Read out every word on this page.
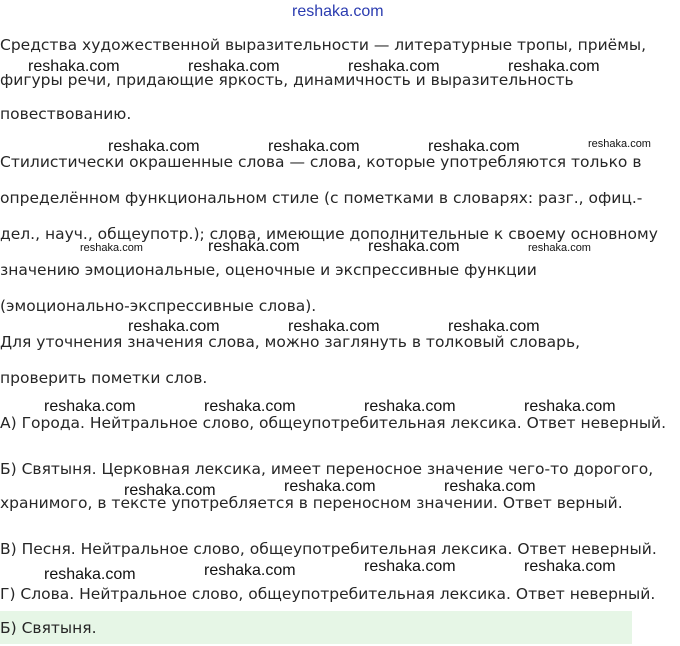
reshaka.com
Средства художественной выразительности — литературные тропы, приёмы,
фигуры речи, придающие яркость, динамичность и выразительность
повествованию.
Стилистически окрашенные слова — слова, которые употребляются только в
определённом функциональном стиле (с пометками в словарях: разг., офиц.-
дел., науч., общеупотр.); слова, имеющие дополнительные к своему основному
значению эмоциональные, оценочные и экспрессивные функции
(эмоционально-экспрессивные слова).
Для уточнения значения слова, можно заглянуть в толковый словарь,
проверить пометки слов.
А) Города. Нейтральное слово, общеупотребительная лексика. Ответ неверный.
Б) Святыня. Церковная лексика, имеет переносное значение чего-то дорогого,
хранимого, в тексте употребляется в переносном значении. Ответ верный.
В) Песня. Нейтральное слово, общеупотребительная лексика. Ответ неверный.
Г) Слова. Нейтральное слово, общеупотребительная лексика. Ответ неверный.
Б) Святыня.
reshaka.com	reshaka.com	reshaka.com	reshaka.com
reshaka.com	reshaka.com	reshaka.com	reshaka.com
reshaka.com	reshaka.com	reshaka.com	reshaka.com
reshaka.com	reshaka.com	reshaka.com
reshaka.com	reshaka.com	reshaka.com	reshaka.com
reshaka.com	reshaka.com	reshaka.com
reshaka.com	reshaka.com	reshaka.com	reshaka.com
